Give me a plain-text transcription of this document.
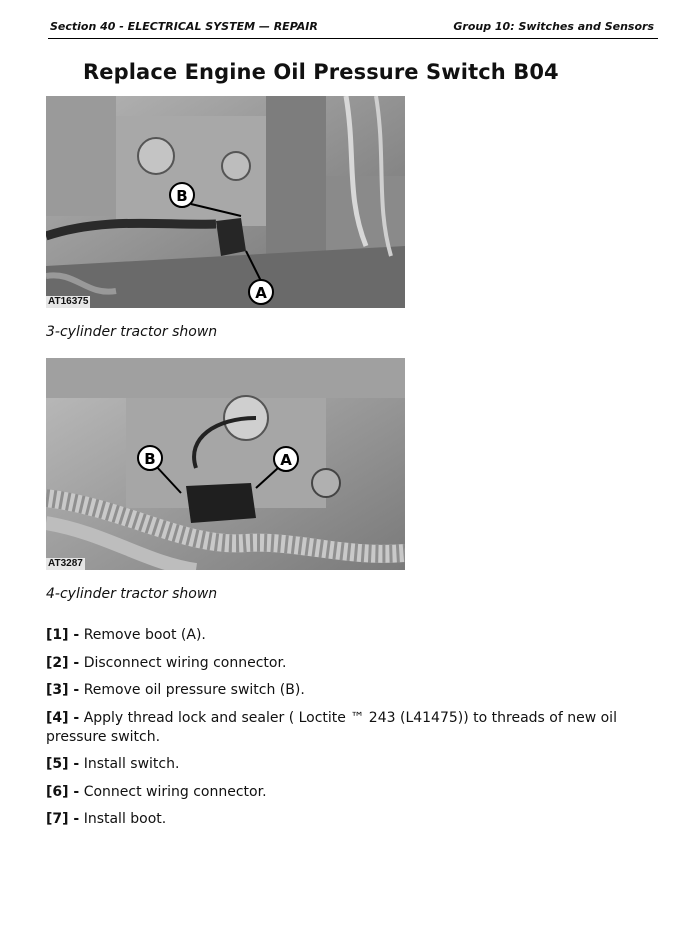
Section 40 - ELECTRICAL SYSTEM — REPAIR	Group 10: Switches and Sensors
Replace Engine Oil Pressure Switch B04
B
A
AT16375
3-cylinder tractor shown
B	A
AT3287
4-cylinder tractor shown
[1] - Remove boot (A).
[2] - Disconnect wiring connector.
[3] - Remove oil pressure switch (B).
[4] - Apply thread lock and sealer ( Loctite ™ 243 (L41475)) to threads of new oil pressure switch.
[5] - Install switch.
[6] - Connect wiring connector.
[7] - Install boot.
